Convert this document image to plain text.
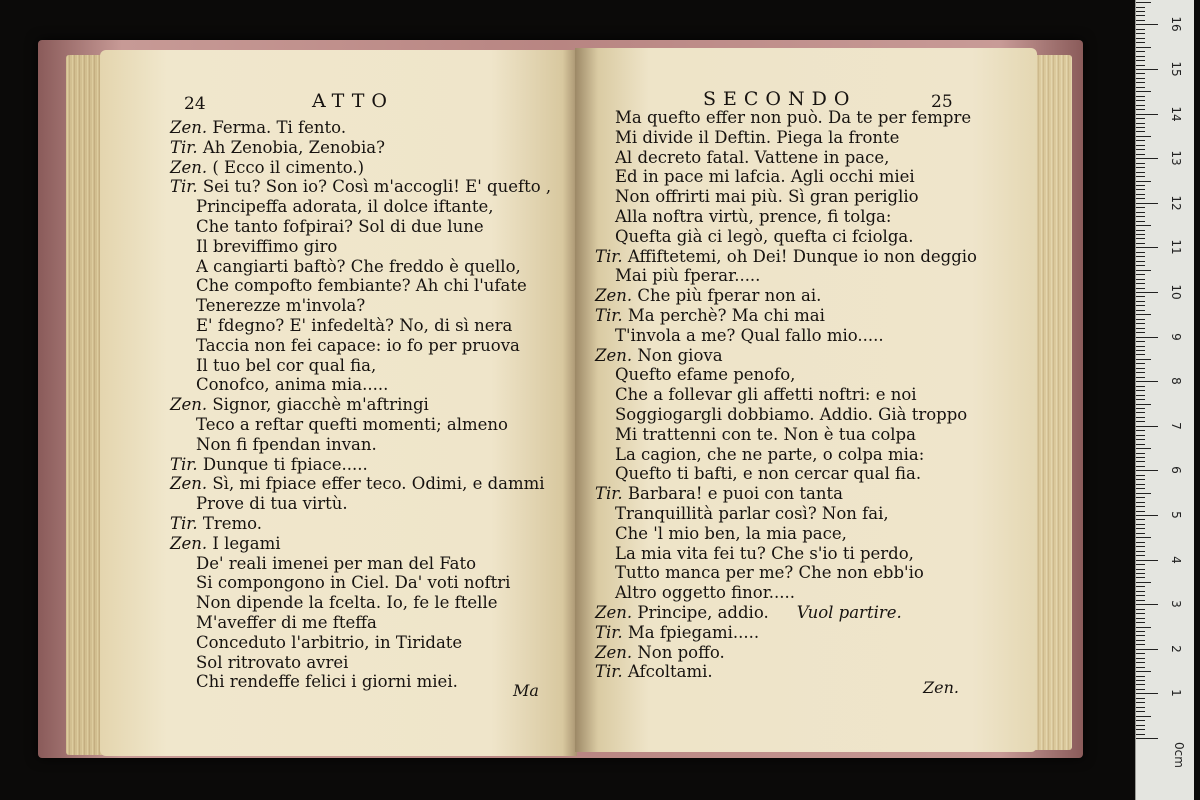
24	ATTO
Zen. Ferma. Ti fento.
Tir. Ah Zenobia, Zenobia?
Zen. ( Ecco il cimento.)
Tir. Sei tu? Son io? Così m'accogli! E' quefto ,
Principeffa adorata, il dolce iftante,
Che tanto fofpirai? Sol di due lune
Il breviffimo giro
A cangiarti baftò? Che freddo è quello,
Che compofto fembiante? Ah chi l'ufate
Tenerezze m'invola?
E' fdegno? E' infedeltà? No, di sì nera
Taccia non fei capace: io fo per pruova
Il tuo bel cor qual fia,
Conofco, anima mia.....
Zen. Signor, giacchè m'aftringi
Teco a reftar quefti momenti; almeno
Non fi fpendan invan.
Tir. Dunque ti fpiace.....
Zen. Sì, mi fpiace effer teco. Odimi, e dammi
Prove di tua virtù.
Tir. Tremo.
Zen. I legami
De' reali imenei per man del Fato
Si compongono in Ciel. Da' voti noftri
Non dipende la fcelta. Io, fe le ftelle
M'aveffer di me fteffa
Conceduto l'arbitrio, in Tiridate
Sol ritrovato avrei
Chi rendeffe felici i giorni miei.	Ma
SECONDO	25
Ma quefto effer non può. Da te per fempre
Mi divide il Deftin. Piega la fronte
Al decreto fatal. Vattene in pace,
Ed in pace mi lafcia. Agli occhi miei
Non offrirti mai più. Sì gran periglio
Alla noftra virtù, prence, fi tolga:
Quefta già ci legò, quefta ci fciolga.
Tir. Affiftetemi, oh Dei! Dunque io non deggio
Mai più fperar.....
Zen. Che più fperar non ai.
Tir. Ma perchè? Ma chi mai
T'invola a me? Qual fallo mio.....
Zen. Non giova
Quefto efame penofo,
Che a follevar gli affetti noftri: e noi
Soggiogargli dobbiamo. Addio. Già troppo
Mi trattenni con te. Non è tua colpa
La cagion, che ne parte, o colpa mia:
Quefto ti bafti, e non cercar qual fia.
Tir. Barbara! e puoi con tanta
Tranquillità parlar così? Non fai,
Che 'l mio ben, la mia pace,
La mia vita fei tu? Che s'io ti perdo,
Tutto manca per me? Che non ebb'io
Altro oggetto finor.....
Zen. Principe, addio. Vuol partire.
Tir. Ma fpiegami.....
Zen. Non poffo.
Tir. Afcoltami.
Zen.	1
2
3
4
5
6
7
8
9
10
11
12
13
14
15
16
0cm
